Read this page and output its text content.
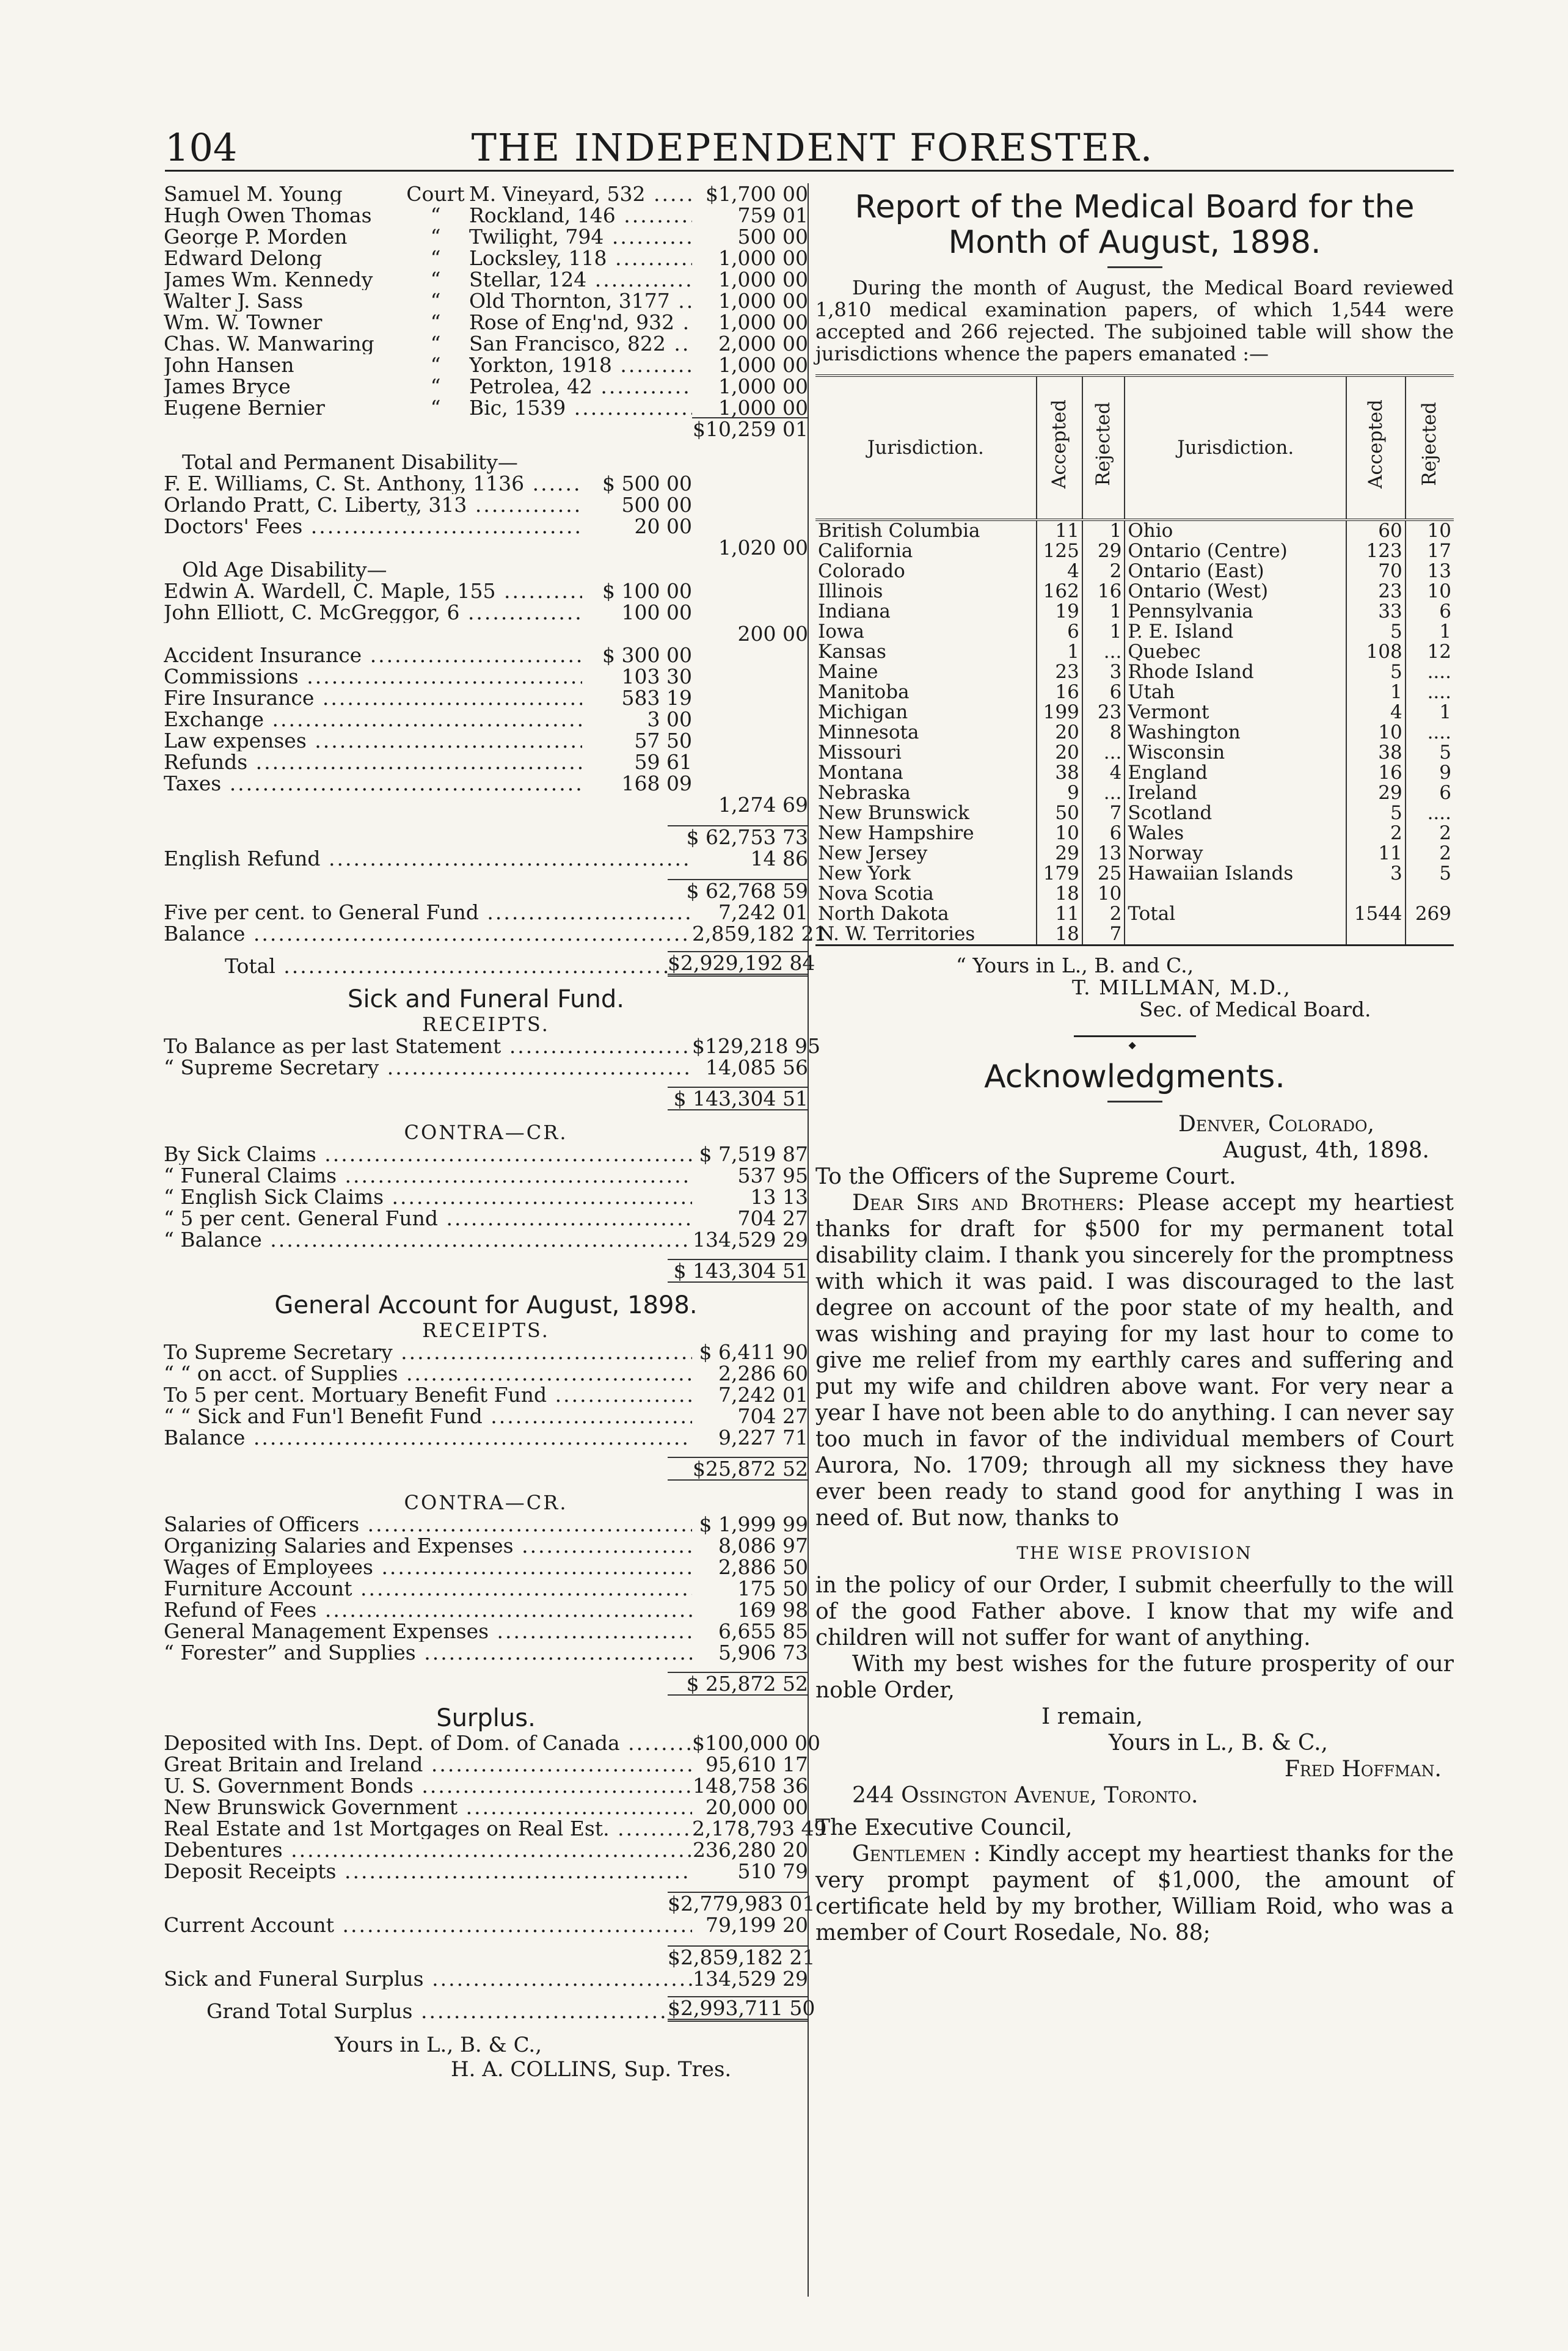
104	THE INDEPENDENT FORESTER.
Samuel M. Young	Court M. Vineyard, 532 .....	$1,700 00
Hugh Owen Thomas	“	Rockland, 146 .....	759 01
George P. Morden	“	Twilight, 794 .....	500 00
Edward Delong	“	Locksley, 118 .....	1,000 00
James Wm. Kennedy	“	Stellar, 124 .....	1,000 00
Walter J. Sass	“	Old Thornton, 3177 .....	1,000 00
Wm. W. Towner	“	Rose of Eng'nd, 932 .....	1,000 00
Chas. W. Manwaring	“	San Francisco, 822 .....	2,000 00
John Hansen	“	Yorkton, 1918 .....	1,000 00
James Bryce	“	Petrolea, 42 .....	1,000 00
Eugene Bernier	“	Bic, 1539 .....	1,000 00
$10,259 01
Total and Permanent Disability—
F. E. Williams, C. St. Anthony, 1136 .....	$ 500 00
Orlando Pratt, C. Liberty, 313 .....	500 00
Doctors' Fees .....	20 00
1,020 00
Old Age Disability—
Edwin A. Wardell, C. Maple, 155 .....	$ 100 00
John Elliott, C. McGreggor, 6 .....	100 00
200 00
Accident Insurance .....	$ 300 00
Commissions .....	103 30
Fire Insurance .....	583 19
Exchange .....	3 00
Law expenses .....	57 50
Refunds .....	59 61
Taxes .....	168 09
1,274 69
$ 62,753 73
English Refund .....	14 86
$ 62,768 59
Five per cent. to General Fund .....	7,242 01
Balance .....	2,859,182 21
Total .....	$2,929,192 84
Sick and Funeral Fund.
RECEIPTS.
To Balance as per last Statement .....	$129,218 95
“ Supreme Secretary .....	14,085 56
$ 143,304 51
CONTRA—CR.
By Sick Claims .....	$ 7,519 87
“ Funeral Claims .....	537 95
“ English Sick Claims .....	13 13
“ 5 per cent. General Fund .....	704 27
“ Balance .....	134,529 29
$ 143,304 51
General Account for August, 1898.
RECEIPTS.
To Supreme Secretary .....	$ 6,411 90
“ “ on acct. of Supplies .....	2,286 60
To 5 per cent. Mortuary Benefit Fund .....	7,242 01
“ “ Sick and Fun'l Benefit Fund .....	704 27
Balance .....	9,227 71
$25,872 52
CONTRA—CR.
Salaries of Officers .....	$ 1,999 99
Organizing Salaries and Expenses .....	8,086 97
Wages of Employees .....	2,886 50
Furniture Account .....	175 50
Refund of Fees .....	169 98
General Management Expenses .....	6,655 85
“ Forester” and Supplies .....	5,906 73
$ 25,872 52
Surplus.
Deposited with Ins. Dept. of Dom. of Canada .....	$100,000 00
Great Britain and Ireland .....	95,610 17
U. S. Government Bonds .....	148,758 36
New Brunswick Government .....	20,000 00
Real Estate and 1st Mortgages on Real Est. .....	2,178,793 49
Debentures .....	236,280 20
Deposit Receipts .....	510 79
$2,779,983 01
Current Account .....	79,199 20
$2,859,182 21
Sick and Funeral Surplus .....	134,529 29
Grand Total Surplus .....	$2,993,711 50
Yours in L., B. & C.,
H. A. COLLINS, Sup. Tres.
Report of the Medical Board for the Month of August, 1898.

During the month of August, the Medical Board reviewed 1,810 medical examination papers, of which 1,544 were accepted and 266 rejected. The subjoined table will show the jurisdictions whence the papers emanated :—

Jurisdiction.	Accepted	Rejected	Jurisdiction.	Accepted	Rejected
British Columbia	11	1	Ohio	60	10
California	125	29	Ontario (Centre)	123	17
Colorado	4	2	Ontario (East)	70	13
Illinois	162	16	Ontario (West)	23	10
Indiana	19	1	Pennsylvania	33	6
Iowa	6	1	P. E. Island	5	1
Kansas	1	...	Quebec	108	12
Maine	23	3	Rhode Island	5	....
Manitoba	16	6	Utah	1	....
Michigan	199	23	Vermont	4	1
Minnesota	20	8	Washington	10	....
Missouri	20	...	Wisconsin	38	5
Montana	38	4	England	16	9
Nebraska	9	...	Ireland	29	6
New Brunswick	50	7	Scotland	5	....
New Hampshire	10	6	Wales	2	2
New Jersey	29	13	Norway	11	2
New York	179	25	Hawaiian Islands	3	5
Nova Scotia	18	10			
North Dakota	11	2	Total	1544	269
N. W. Territories	18	7			
“ Yours in L., B. and C.,
T. MILLMAN, M.D.,
Sec. of Medical Board.
◆
Acknowledgments.
Denver, Colorado,
August, 4th, 1898.
To the Officers of the Supreme Court.

Dear Sirs and Brothers: Please accept my heartiest thanks for draft for $500 for my permanent total disability claim. I thank you sincerely for the promptness with which it was paid. I was discouraged to the last degree on account of the poor state of my health, and was wishing and praying for my last hour to come to give me relief from my earthly cares and suffering and put my wife and children above want. For very near a year I have not been able to do anything. I can never say too much in favor of the individual members of Court Aurora, No. 1709; through all my sickness they have ever been ready to stand good for anything I was in need of. But now, thanks to

THE WISE PROVISION

in the policy of our Order, I submit cheerfully to the will of the good Father above. I know that my wife and children will not suffer for want of anything.

With my best wishes for the future prosperity of our noble Order,

I remain,
Yours in L., B. & C.,
Fred Hoffman.
244 Ossington Avenue, Toronto.
The Executive Council,

Gentlemen : Kindly accept my heartiest thanks for the very prompt payment of $1,000, the amount of certificate held by my brother, William Roid, who was a member of Court Rosedale, No. 88;
